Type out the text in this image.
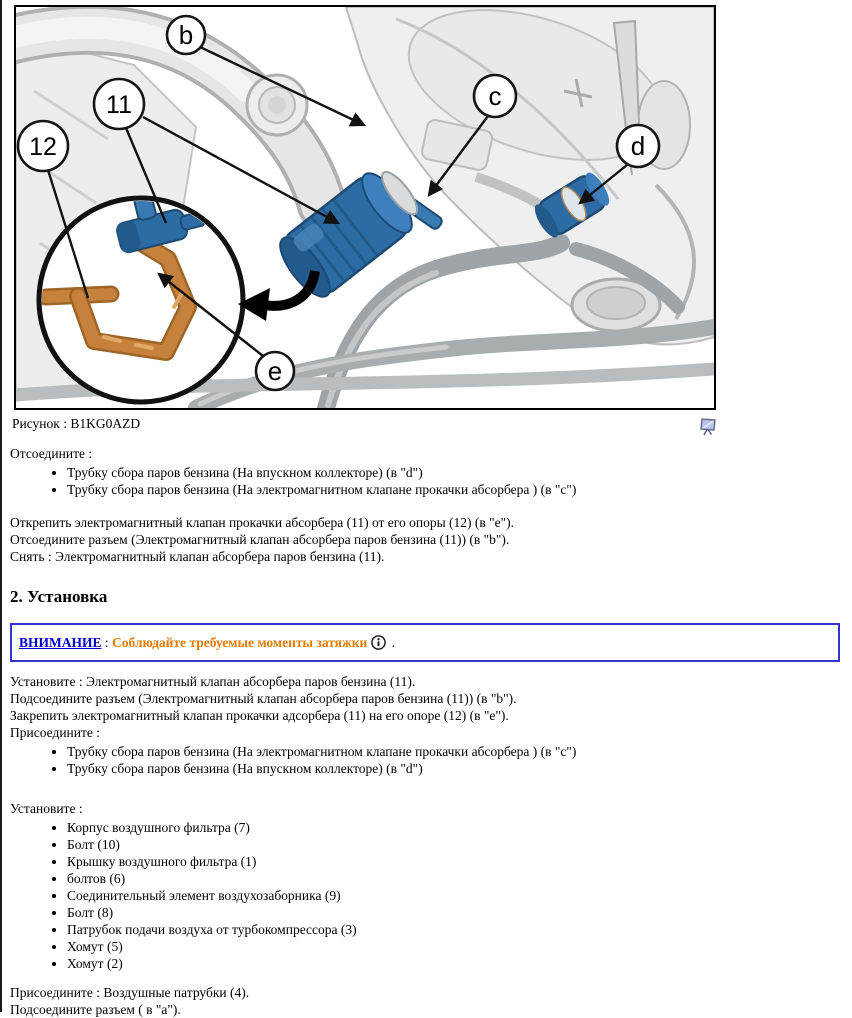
b
11
12
c
d
e
Рисунок : B1KG0AZD
Отсоедините :
• Трубку сбора паров бензина (На впускном коллекторе) (в "d")
• Трубку сбора паров бензина (На электромагнитном клапане прокачки абсорбера ) (в "c")
Открепить электромагнитный клапан прокачки абсорбера (11) от его опоры (12) (в "e").
Отсоедините разъем (Электромагнитный клапан абсорбера паров бензина (11)) (в "b").
Снять : Электромагнитный клапан абсорбера паров бензина (11).
2. Установка
ВНИМАНИЕ : Соблюдайте требуемые моменты затяжки .
Установите : Электромагнитный клапан абсорбера паров бензина (11).
Подсоедините разъем (Электромагнитный клапан абсорбера паров бензина (11)) (в "b").
Закрепить электромагнитный клапан прокачки адсорбера (11) на его опоре (12) (в "e").
Присоедините :
• Трубку сбора паров бензина (На электромагнитном клапане прокачки абсорбера ) (в "c")
• Трубку сбора паров бензина (На впускном коллекторе) (в "d")
Установите :
• Корпус воздушного фильтра (7)
• Болт (10)
• Крышку воздушного фильтра (1)
• болтов (6)
• Соединительный элемент воздухозаборника (9)
• Болт (8)
• Патрубок подачи воздуха от турбокомпрессора (3)
• Хомут (5)
• Хомут (2)
Присоедините : Воздушные патрубки (4).
Подсоедините разъем ( в "a").
